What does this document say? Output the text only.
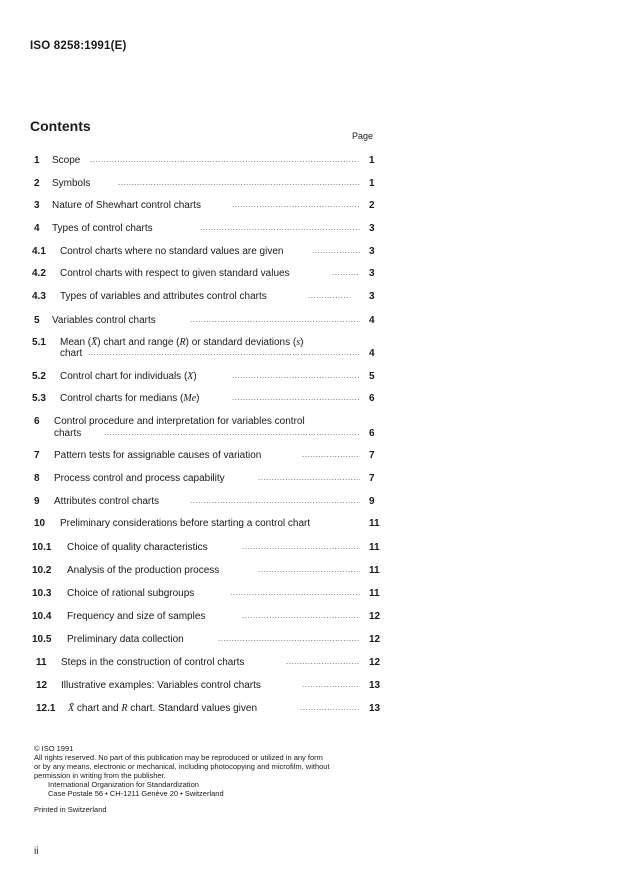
ISO 8258:1991(E)
Contents
Page
1 Scope .....	1
2 Symbols .....	1
3 Nature of Shewhart control charts .....	2
4 Types of control charts .....	3
4.1 Control charts where no standard values are given .....	3
4.2 Control charts with respect to given standard values .....	3
4.3 Types of variables and attributes control charts .....	3
5 Variables control charts .....	4
5.1 Mean (X̄) chart and range (R) or standard deviations (s)
chart .....	4
5.2 Control chart for individuals (X) .....	5
5.3 Control charts for medians (Me) .....	6
6 Control procedure and interpretation for variables control
charts .....	6
7 Pattern tests for assignable causes of variation .....	7
8 Process control and process capability .....	7
9 Attributes control charts .....	9
10 Preliminary considerations before starting a control chart	11
10.1 Choice of quality characteristics .....	11
10.2 Analysis of the production process .....	11
10.3 Choice of rational subgroups .....	11
10.4 Frequency and size of samples .....	12
10.5 Preliminary data collection .....	12
11 Steps in the construction of control charts .....	12
12 Illustrative examples: Variables control charts .....	13
12.1 X̄ chart and R chart. Standard values given .....	13
© ISO 1991
All rights reserved. No part of this publication may be reproduced or utilized in any form
or by any means, electronic or mechanical, including photocopying and microfilm, without
permission in writing from the publisher.
International Organization for Standardization
Case Postale 56 • CH-1211 Genève 20 • Switzerland
Printed in Switzerland
ii
